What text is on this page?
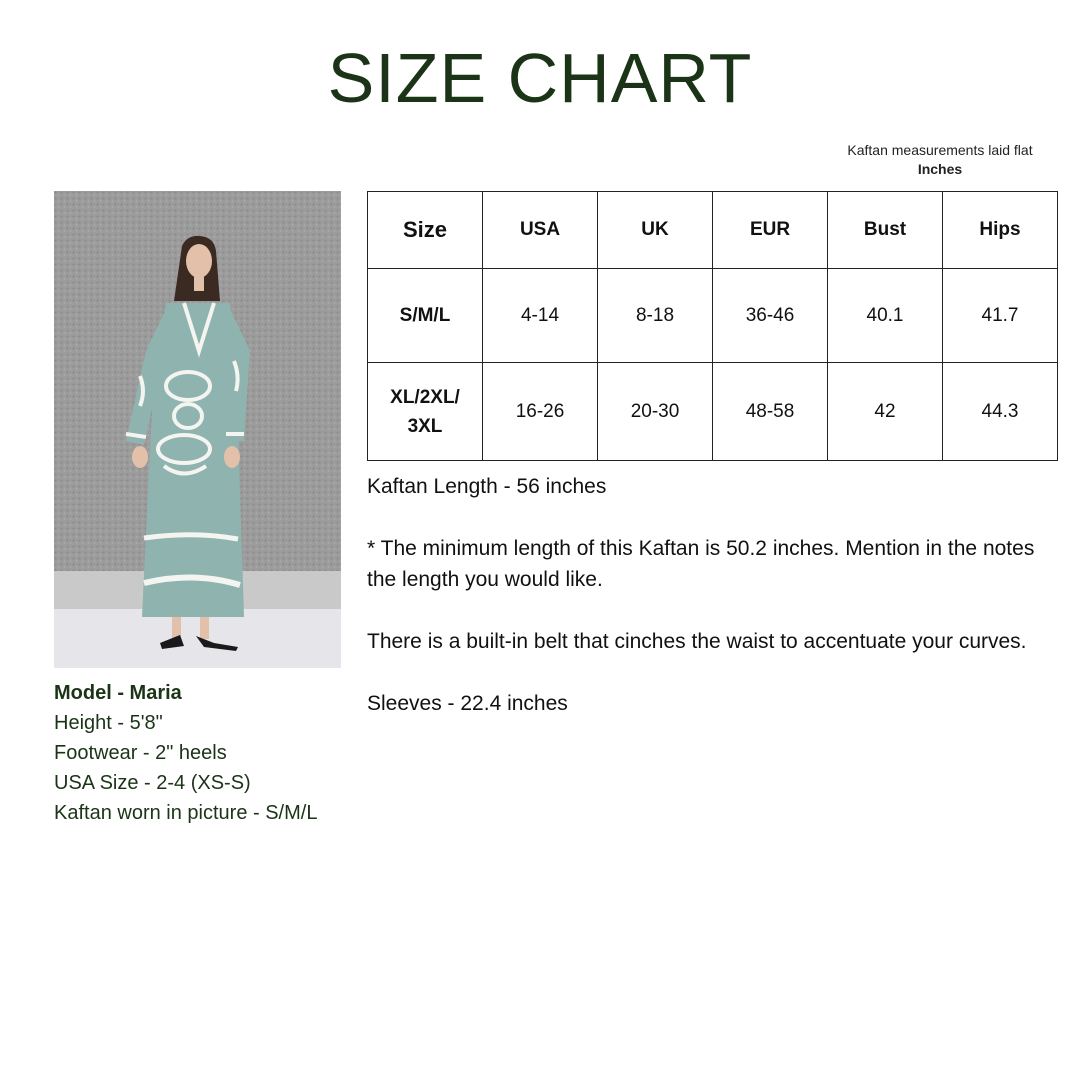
SIZE CHART
Kaftan measurements laid flat
Inches
Model - Maria
Height - 5'8"
Footwear - 2" heels
USA Size - 2-4 (XS-S)
Kaftan worn in picture - S/M/L
Size	USA	UK	EUR	Bust	Hips
S/M/L	4-14	8-18	36-46	40.1	41.7
XL/2XL/
3XL	16-26	20-30	48-58	42	44.3

Kaftan Length - 56 inches

* The minimum length of this Kaftan is 50.2 inches. Mention in the notes the length you would like.

There is a built-in belt that cinches the waist to accentuate your curves.

Sleeves - 22.4 inches
